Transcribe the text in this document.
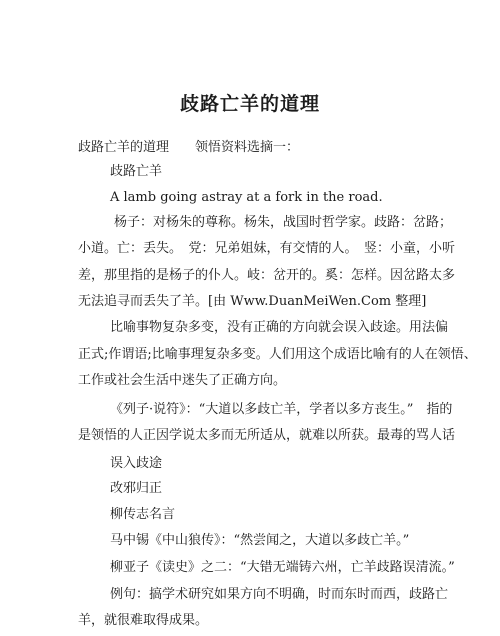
歧路亡羊的道理
歧路亡羊的道理　　领悟资料选摘一：
歧路亡羊
A lamb going astray at a fork in the road.
杨子：对杨朱的尊称。杨朱，战国时哲学家。歧路：岔路；
小道。亡：丢失。　党：兄弟姐妹，有交情的人。　竖：小童，小听
差，那里指的是杨子的仆人。岐：岔开的。奚：怎样。因岔路太多
无法追寻而丢失了羊。[由 Www.DuanMeiWen.Com 整理]
比喻事物复杂多变，没有正确的方向就会误入歧途。用法偏
正式;作谓语;比喻事理复杂多变。人们用这个成语比喻有的人在领悟、
工作或社会生活中迷失了正确方向。
《列子·说符》：“大道以多歧亡羊，学者以多方丧生。”　指的
是领悟的人正因学说太多而无所适从，就难以所获。最毒的骂人话
误入歧途
改邪归正
柳传志名言
马中锡《中山狼传》：“然尝闻之，大道以多歧亡羊。”
柳亚子《读史》之二：“大错无端铸六州，亡羊歧路误清流。”
例句：搞学术研究如果方向不明确，时而东时而西，歧路亡
羊，就很难取得成果。
